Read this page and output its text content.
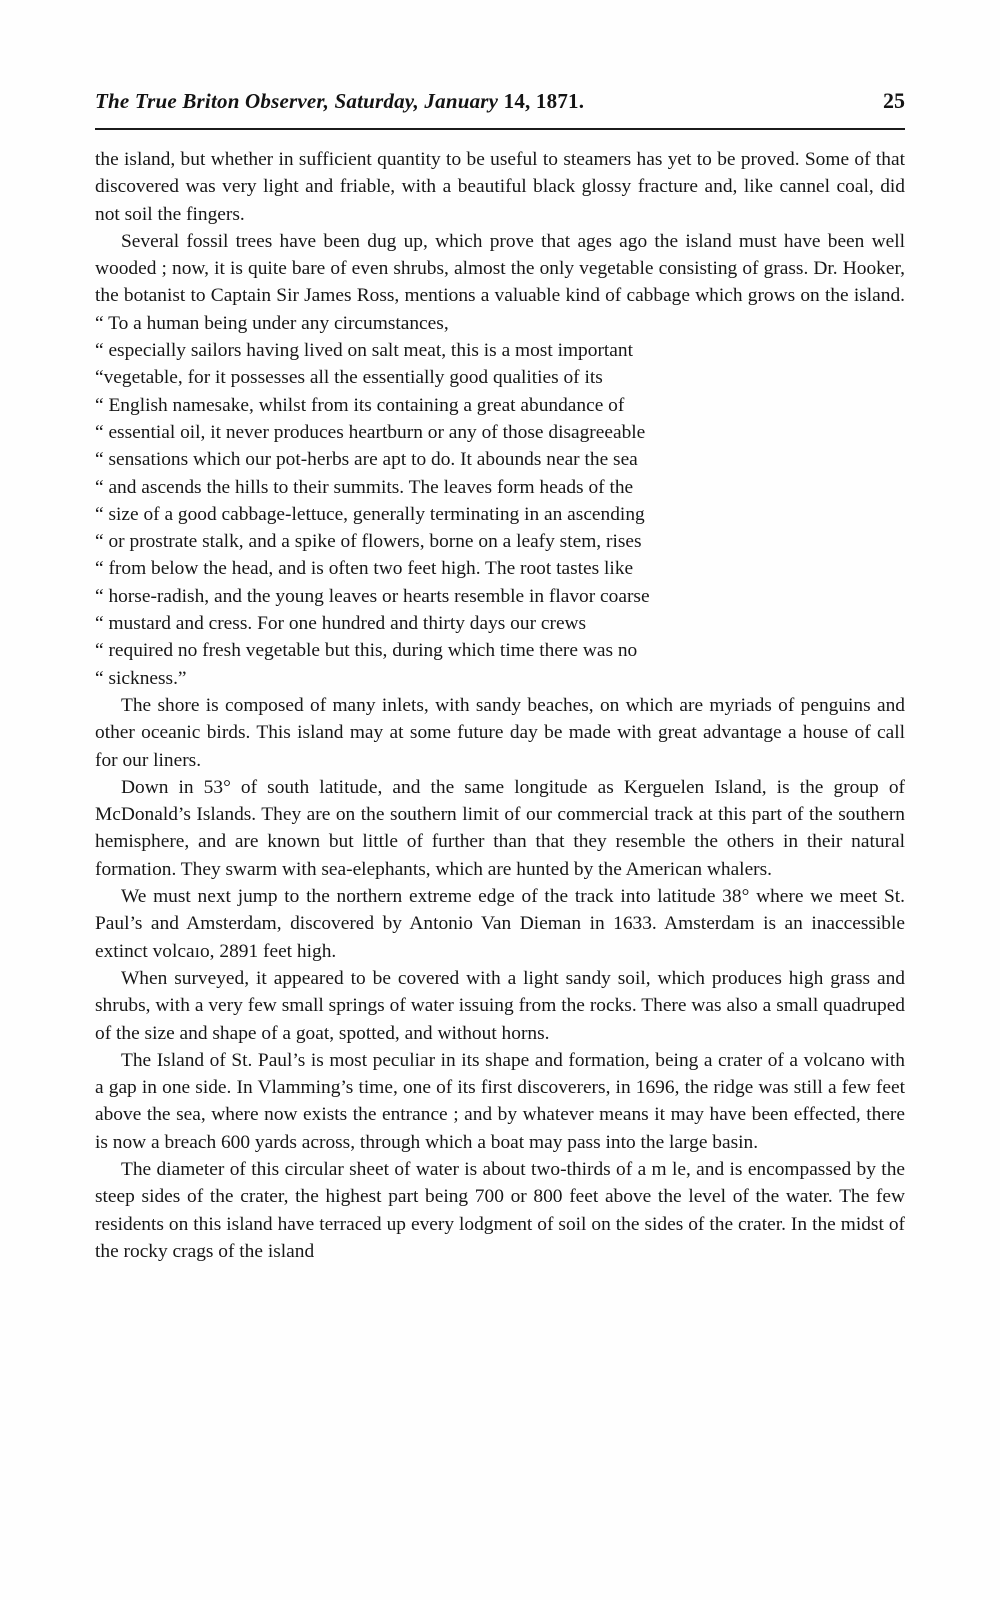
The True Briton Observer, Saturday, January 14, 1871.	25

the island, but whether in sufficient quantity to be useful to steamers has yet to be proved. Some of that discovered was very light and friable, with a beautiful black glossy fracture and, like cannel coal, did not soil the fingers.

Several fossil trees have been dug up, which prove that ages ago the island must have been well wooded ; now, it is quite bare of even shrubs, almost the only vegetable consisting of grass. Dr. Hooker, the botanist to Captain Sir James Ross, mentions a valuable kind of cabbage which grows on the island. “ To a human being under any circumstances,

“ especially sailors having lived on salt meat, this is a most important
“vegetable, for it possesses all the essentially good qualities of its
“ English namesake, whilst from its containing a great abundance of
“ essential oil, it never produces heartburn or any of those disagreeable
“ sensations which our pot-herbs are apt to do. It abounds near the sea
“ and ascends the hills to their summits. The leaves form heads of the
“ size of a good cabbage-lettuce, generally terminating in an ascending
“ or prostrate stalk, and a spike of flowers, borne on a leafy stem, rises
“ from below the head, and is often two feet high. The root tastes like
“ horse-radish, and the young leaves or hearts resemble in flavor coarse
“ mustard and cress. For one hundred and thirty days our crews
“ required no fresh vegetable but this, during which time there was no
“ sickness.”

The shore is composed of many inlets, with sandy beaches, on which are myriads of penguins and other oceanic birds. This island may at some future day be made with great advantage a house of call for our liners.

Down in 53° of south latitude, and the same longitude as Kerguelen Island, is the group of McDonald’s Islands. They are on the southern limit of our commercial track at this part of the southern hemisphere, and are known but little of further than that they resemble the others in their natural formation. They swarm with sea-elephants, which are hunted by the American whalers.

We must next jump to the northern extreme edge of the track into latitude 38° where we meet St. Paul’s and Amsterdam, discovered by Antonio Van Dieman in 1633. Amsterdam is an inaccessible extinct volcaıo, 2891 feet high.

When surveyed, it appeared to be covered with a light sandy soil, which produces high grass and shrubs, with a very few small springs of water issuing from the rocks. There was also a small quadruped of the size and shape of a goat, spotted, and without horns.

The Island of St. Paul’s is most peculiar in its shape and formation, being a crater of a volcano with a gap in one side. In Vlamming’s time, one of its first discoverers, in 1696, the ridge was still a few feet above the sea, where now exists the entrance ; and by whatever means it may have been effected, there is now a breach 600 yards across, through which a boat may pass into the large basin.

The diameter of this circular sheet of water is about two-thirds of a m le, and is encompassed by the steep sides of the crater, the highest part being 700 or 800 feet above the level of the water. The few residents on this island have terraced up every lodgment of soil on the sides of the crater. In the midst of the rocky crags of the island
